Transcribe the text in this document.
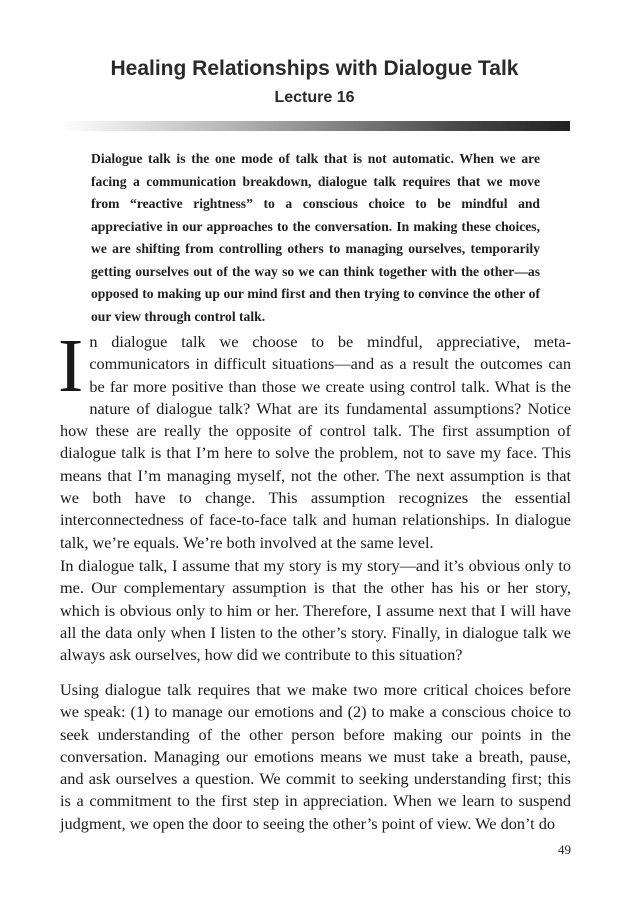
Healing Relationships with Dialogue Talk
Lecture 16
Dialogue talk is the one mode of talk that is not automatic. When we are facing a communication breakdown, dialogue talk requires that we move from “reactive rightness” to a conscious choice to be mindful and appreciative in our approaches to the conversation. In making these choices, we are shifting from controlling others to managing ourselves, temporarily getting ourselves out of the way so we can think together with the other—as opposed to making up our mind first and then trying to convince the other of our view through control talk.
In dialogue talk we choose to be mindful, appreciative, meta-communicators in difficult situations—and as a result the outcomes can be far more positive than those we create using control talk. What is the nature of dialogue talk? What are its fundamental assumptions? Notice how these are really the opposite of control talk. The first assumption of dialogue talk is that I’m here to solve the problem, not to save my face. This means that I’m managing myself, not the other. The next assumption is that we both have to change. This assumption recognizes the essential interconnectedness of face-to-face talk and human relationships. In dialogue talk, we’re equals. We’re both involved at the same level.
In dialogue talk, I assume that my story is my story—and it’s obvious only to me. Our complementary assumption is that the other has his or her story, which is obvious only to him or her. Therefore, I assume next that I will have all the data only when I listen to the other’s story. Finally, in dialogue talk we always ask ourselves, how did we contribute to this situation?
Using dialogue talk requires that we make two more critical choices before we speak: (1) to manage our emotions and (2) to make a conscious choice to seek understanding of the other person before making our points in the conversation. Managing our emotions means we must take a breath, pause, and ask ourselves a question. We commit to seeking understanding first; this is a commitment to the first step in appreciation. When we learn to suspend judgment, we open the door to seeing the other’s point of view. We don’t do
49
